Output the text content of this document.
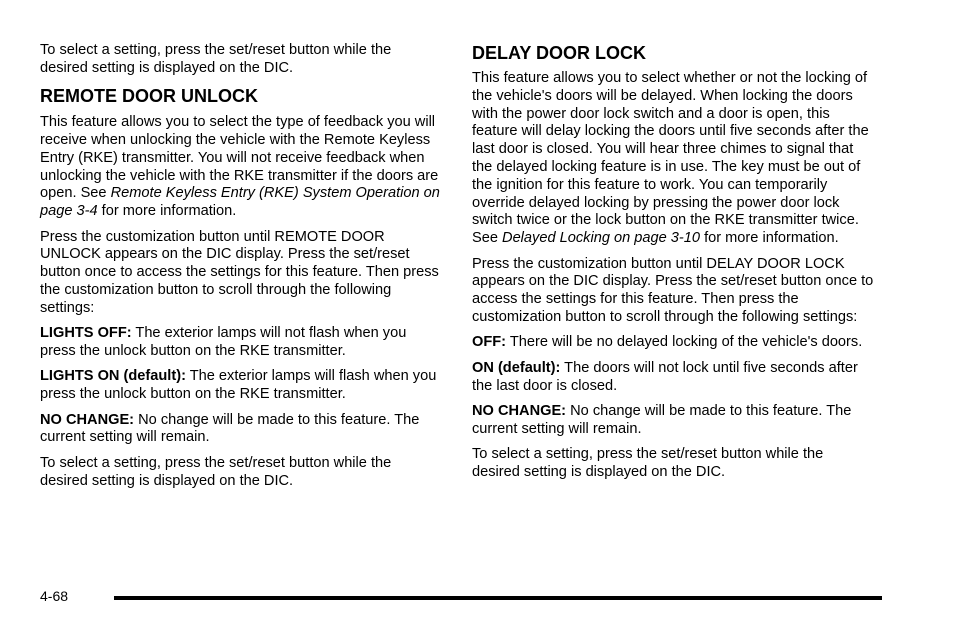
To select a setting, press the set/reset button while the desired setting is displayed on the DIC.

REMOTE DOOR UNLOCK

This feature allows you to select the type of feedback you will receive when unlocking the vehicle with the Remote Keyless Entry (RKE) transmitter. You will not receive feedback when unlocking the vehicle with the RKE transmitter if the doors are open. See Remote Keyless Entry (RKE) System Operation on page 3-4 for more information.

Press the customization button until REMOTE DOOR UNLOCK appears on the DIC display. Press the set/reset button once to access the settings for this feature. Then press the customization button to scroll through the following settings:

LIGHTS OFF: The exterior lamps will not flash when you press the unlock button on the RKE transmitter.

LIGHTS ON (default): The exterior lamps will flash when you press the unlock button on the RKE transmitter.

NO CHANGE: No change will be made to this feature. The current setting will remain.

To select a setting, press the set/reset button while the desired setting is displayed on the DIC.

DELAY DOOR LOCK

This feature allows you to select whether or not the locking of the vehicle's doors will be delayed. When locking the doors with the power door lock switch and a door is open, this feature will delay locking the doors until five seconds after the last door is closed. You will hear three chimes to signal that the delayed locking feature is in use. The key must be out of the ignition for this feature to work. You can temporarily override delayed locking by pressing the power door lock switch twice or the lock button on the RKE transmitter twice. See Delayed Locking on page 3-10 for more information.

Press the customization button until DELAY DOOR LOCK appears on the DIC display. Press the set/reset button once to access the settings for this feature. Then press the customization button to scroll through the following settings:

OFF: There will be no delayed locking of the vehicle's doors.

ON (default): The doors will not lock until five seconds after the last door is closed.

NO CHANGE: No change will be made to this feature. The current setting will remain.

To select a setting, press the set/reset button while the desired setting is displayed on the DIC.

4-68
